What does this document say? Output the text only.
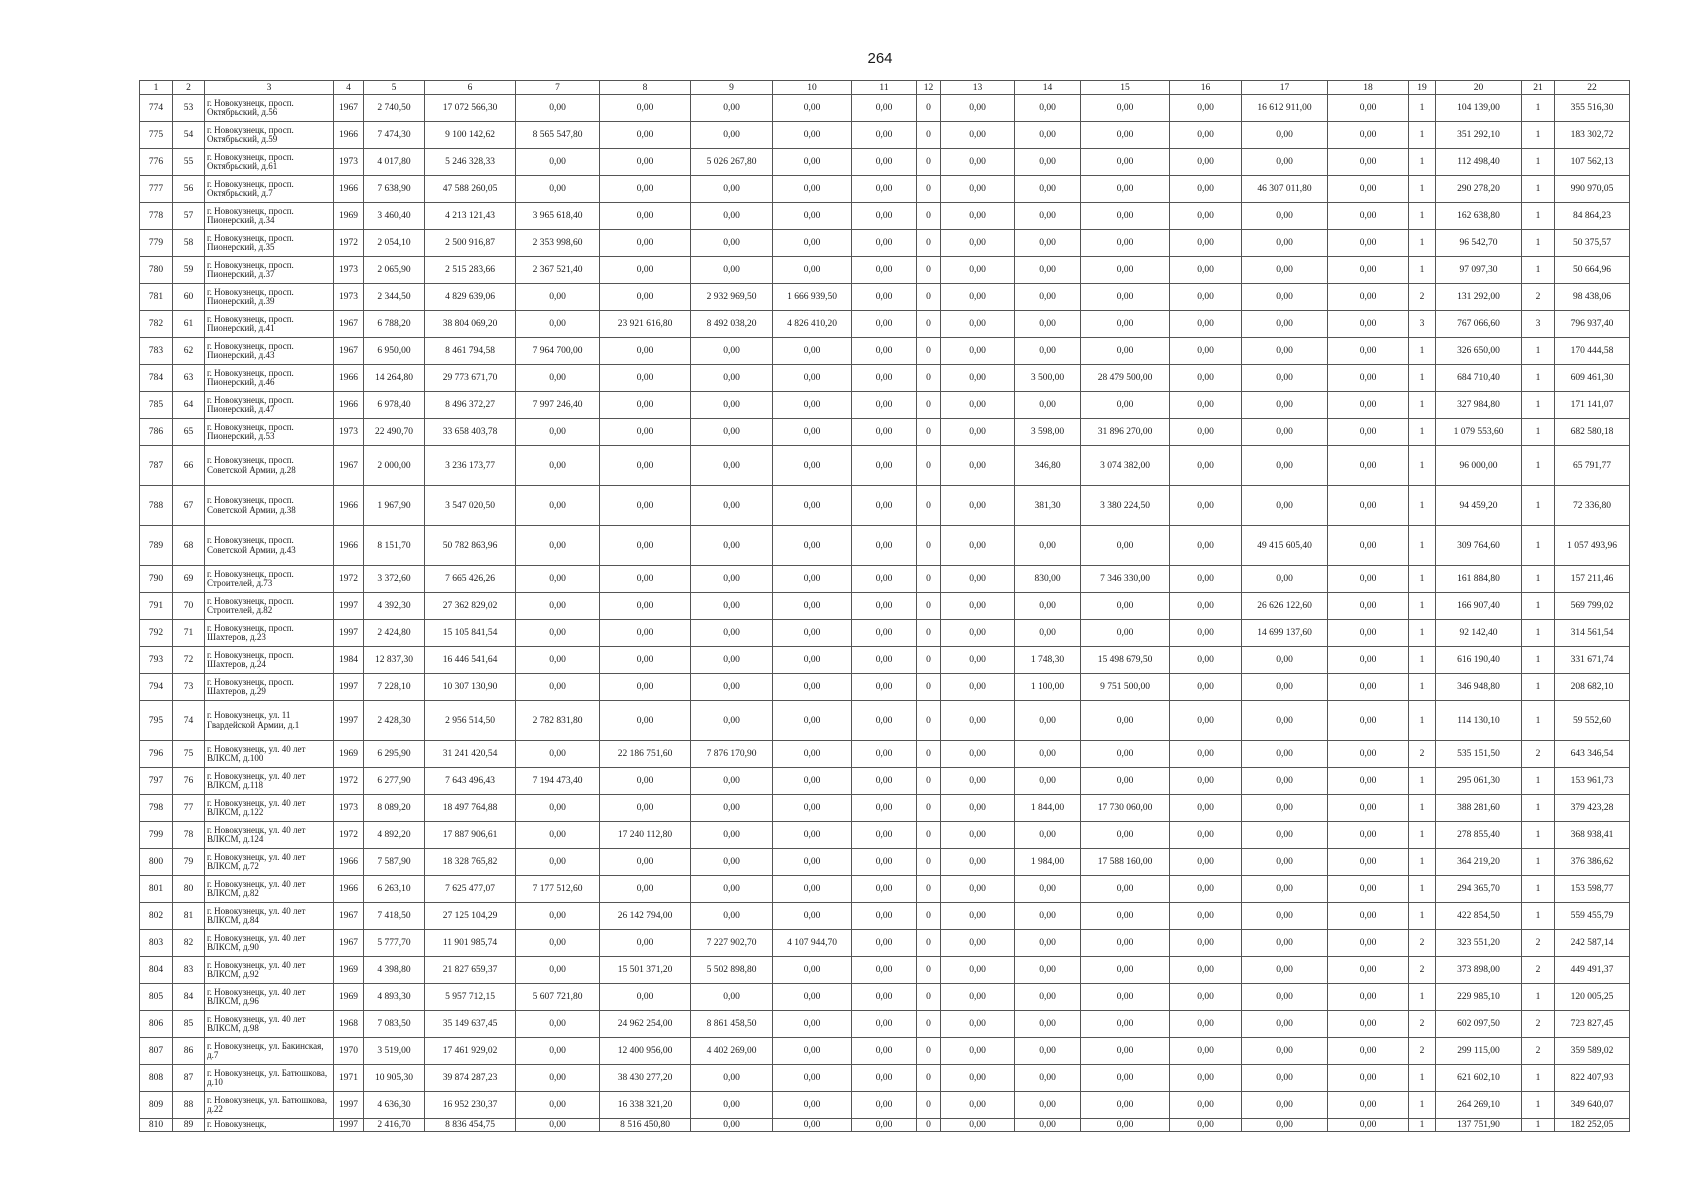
264
1	2	3	4	5	6	7	8	9	10	11	12	13	14	15	16	17	18	19	20	21	22
774	53	г. Новокузнецк, просп. Октябрьский, д.56	1967	2 740,50	17 072 566,30	0,00	0,00	0,00	0,00	0,00	0	0,00	0,00	0,00	0,00	16 612 911,00	0,00	1	104 139,00	1	355 516,30
775	54	г. Новокузнецк, просп. Октябрьский, д.59	1966	7 474,30	9 100 142,62	8 565 547,80	0,00	0,00	0,00	0,00	0	0,00	0,00	0,00	0,00	0,00	0,00	1	351 292,10	1	183 302,72
776	55	г. Новокузнецк, просп. Октябрьский, д.61	1973	4 017,80	5 246 328,33	0,00	0,00	5 026 267,80	0,00	0,00	0	0,00	0,00	0,00	0,00	0,00	0,00	1	112 498,40	1	107 562,13
777	56	г. Новокузнецк, просп. Октябрьский, д.7	1966	7 638,90	47 588 260,05	0,00	0,00	0,00	0,00	0,00	0	0,00	0,00	0,00	0,00	46 307 011,80	0,00	1	290 278,20	1	990 970,05
778	57	г. Новокузнецк, просп. Пионерский, д.34	1969	3 460,40	4 213 121,43	3 965 618,40	0,00	0,00	0,00	0,00	0	0,00	0,00	0,00	0,00	0,00	0,00	1	162 638,80	1	84 864,23
779	58	г. Новокузнецк, просп. Пионерский, д.35	1972	2 054,10	2 500 916,87	2 353 998,60	0,00	0,00	0,00	0,00	0	0,00	0,00	0,00	0,00	0,00	0,00	1	96 542,70	1	50 375,57
780	59	г. Новокузнецк, просп. Пионерский, д.37	1973	2 065,90	2 515 283,66	2 367 521,40	0,00	0,00	0,00	0,00	0	0,00	0,00	0,00	0,00	0,00	0,00	1	97 097,30	1	50 664,96
781	60	г. Новокузнецк, просп. Пионерский, д.39	1973	2 344,50	4 829 639,06	0,00	0,00	2 932 969,50	1 666 939,50	0,00	0	0,00	0,00	0,00	0,00	0,00	0,00	2	131 292,00	2	98 438,06
782	61	г. Новокузнецк, просп. Пионерский, д.41	1967	6 788,20	38 804 069,20	0,00	23 921 616,80	8 492 038,20	4 826 410,20	0,00	0	0,00	0,00	0,00	0,00	0,00	0,00	3	767 066,60	3	796 937,40
783	62	г. Новокузнецк, просп. Пионерский, д.43	1967	6 950,00	8 461 794,58	7 964 700,00	0,00	0,00	0,00	0,00	0	0,00	0,00	0,00	0,00	0,00	0,00	1	326 650,00	1	170 444,58
784	63	г. Новокузнецк, просп. Пионерский, д.46	1966	14 264,80	29 773 671,70	0,00	0,00	0,00	0,00	0,00	0	0,00	3 500,00	28 479 500,00	0,00	0,00	0,00	1	684 710,40	1	609 461,30
785	64	г. Новокузнецк, просп. Пионерский, д.47	1966	6 978,40	8 496 372,27	7 997 246,40	0,00	0,00	0,00	0,00	0	0,00	0,00	0,00	0,00	0,00	0,00	1	327 984,80	1	171 141,07
786	65	г. Новокузнецк, просп. Пионерский, д.53	1973	22 490,70	33 658 403,78	0,00	0,00	0,00	0,00	0,00	0	0,00	3 598,00	31 896 270,00	0,00	0,00	0,00	1	1 079 553,60	1	682 580,18
787	66	г. Новокузнецк, просп. Советской Армии, д.28	1967	2 000,00	3 236 173,77	0,00	0,00	0,00	0,00	0,00	0	0,00	346,80	3 074 382,00	0,00	0,00	0,00	1	96 000,00	1	65 791,77
788	67	г. Новокузнецк, просп. Советской Армии, д.38	1966	1 967,90	3 547 020,50	0,00	0,00	0,00	0,00	0,00	0	0,00	381,30	3 380 224,50	0,00	0,00	0,00	1	94 459,20	1	72 336,80
789	68	г. Новокузнецк, просп. Советской Армии, д.43	1966	8 151,70	50 782 863,96	0,00	0,00	0,00	0,00	0,00	0	0,00	0,00	0,00	0,00	49 415 605,40	0,00	1	309 764,60	1	1 057 493,96
790	69	г. Новокузнецк, просп. Строителей, д.73	1972	3 372,60	7 665 426,26	0,00	0,00	0,00	0,00	0,00	0	0,00	830,00	7 346 330,00	0,00	0,00	0,00	1	161 884,80	1	157 211,46
791	70	г. Новокузнецк, просп. Строителей, д.82	1997	4 392,30	27 362 829,02	0,00	0,00	0,00	0,00	0,00	0	0,00	0,00	0,00	0,00	26 626 122,60	0,00	1	166 907,40	1	569 799,02
792	71	г. Новокузнецк, просп. Шахтеров, д.23	1997	2 424,80	15 105 841,54	0,00	0,00	0,00	0,00	0,00	0	0,00	0,00	0,00	0,00	14 699 137,60	0,00	1	92 142,40	1	314 561,54
793	72	г. Новокузнецк, просп. Шахтеров, д.24	1984	12 837,30	16 446 541,64	0,00	0,00	0,00	0,00	0,00	0	0,00	1 748,30	15 498 679,50	0,00	0,00	0,00	1	616 190,40	1	331 671,74
794	73	г. Новокузнецк, просп. Шахтеров, д.29	1997	7 228,10	10 307 130,90	0,00	0,00	0,00	0,00	0,00	0	0,00	1 100,00	9 751 500,00	0,00	0,00	0,00	1	346 948,80	1	208 682,10
795	74	г. Новокузнецк, ул. 11 Гвардейской Армии, д.1	1997	2 428,30	2 956 514,50	2 782 831,80	0,00	0,00	0,00	0,00	0	0,00	0,00	0,00	0,00	0,00	0,00	1	114 130,10	1	59 552,60
796	75	г. Новокузнецк, ул. 40 лет ВЛКСМ, д.100	1969	6 295,90	31 241 420,54	0,00	22 186 751,60	7 876 170,90	0,00	0,00	0	0,00	0,00	0,00	0,00	0,00	0,00	2	535 151,50	2	643 346,54
797	76	г. Новокузнецк, ул. 40 лет ВЛКСМ, д.118	1972	6 277,90	7 643 496,43	7 194 473,40	0,00	0,00	0,00	0,00	0	0,00	0,00	0,00	0,00	0,00	0,00	1	295 061,30	1	153 961,73
798	77	г. Новокузнецк, ул. 40 лет ВЛКСМ, д.122	1973	8 089,20	18 497 764,88	0,00	0,00	0,00	0,00	0,00	0	0,00	1 844,00	17 730 060,00	0,00	0,00	0,00	1	388 281,60	1	379 423,28
799	78	г. Новокузнецк, ул. 40 лет ВЛКСМ, д.124	1972	4 892,20	17 887 906,61	0,00	17 240 112,80	0,00	0,00	0,00	0	0,00	0,00	0,00	0,00	0,00	0,00	1	278 855,40	1	368 938,41
800	79	г. Новокузнецк, ул. 40 лет ВЛКСМ, д.72	1966	7 587,90	18 328 765,82	0,00	0,00	0,00	0,00	0,00	0	0,00	1 984,00	17 588 160,00	0,00	0,00	0,00	1	364 219,20	1	376 386,62
801	80	г. Новокузнецк, ул. 40 лет ВЛКСМ, д.82	1966	6 263,10	7 625 477,07	7 177 512,60	0,00	0,00	0,00	0,00	0	0,00	0,00	0,00	0,00	0,00	0,00	1	294 365,70	1	153 598,77
802	81	г. Новокузнецк, ул. 40 лет ВЛКСМ, д.84	1967	7 418,50	27 125 104,29	0,00	26 142 794,00	0,00	0,00	0,00	0	0,00	0,00	0,00	0,00	0,00	0,00	1	422 854,50	1	559 455,79
803	82	г. Новокузнецк, ул. 40 лет ВЛКСМ, д.90	1967	5 777,70	11 901 985,74	0,00	0,00	7 227 902,70	4 107 944,70	0,00	0	0,00	0,00	0,00	0,00	0,00	0,00	2	323 551,20	2	242 587,14
804	83	г. Новокузнецк, ул. 40 лет ВЛКСМ, д.92	1969	4 398,80	21 827 659,37	0,00	15 501 371,20	5 502 898,80	0,00	0,00	0	0,00	0,00	0,00	0,00	0,00	0,00	2	373 898,00	2	449 491,37
805	84	г. Новокузнецк, ул. 40 лет ВЛКСМ, д.96	1969	4 893,30	5 957 712,15	5 607 721,80	0,00	0,00	0,00	0,00	0	0,00	0,00	0,00	0,00	0,00	0,00	1	229 985,10	1	120 005,25
806	85	г. Новокузнецк, ул. 40 лет ВЛКСМ, д.98	1968	7 083,50	35 149 637,45	0,00	24 962 254,00	8 861 458,50	0,00	0,00	0	0,00	0,00	0,00	0,00	0,00	0,00	2	602 097,50	2	723 827,45
807	86	г. Новокузнецк, ул. Бакинская, д.7	1970	3 519,00	17 461 929,02	0,00	12 400 956,00	4 402 269,00	0,00	0,00	0	0,00	0,00	0,00	0,00	0,00	0,00	2	299 115,00	2	359 589,02
808	87	г. Новокузнецк, ул. Батюшкова, д.10	1971	10 905,30	39 874 287,23	0,00	38 430 277,20	0,00	0,00	0,00	0	0,00	0,00	0,00	0,00	0,00	0,00	1	621 602,10	1	822 407,93
809	88	г. Новокузнецк, ул. Батюшкова, д.22	1997	4 636,30	16 952 230,37	0,00	16 338 321,20	0,00	0,00	0,00	0	0,00	0,00	0,00	0,00	0,00	0,00	1	264 269,10	1	349 640,07
810	89	г. Новокузнецк,	1997	2 416,70	8 836 454,75	0,00	8 516 450,80	0,00	0,00	0,00	0	0,00	0,00	0,00	0,00	0,00	0,00	1	137 751,90	1	182 252,05
